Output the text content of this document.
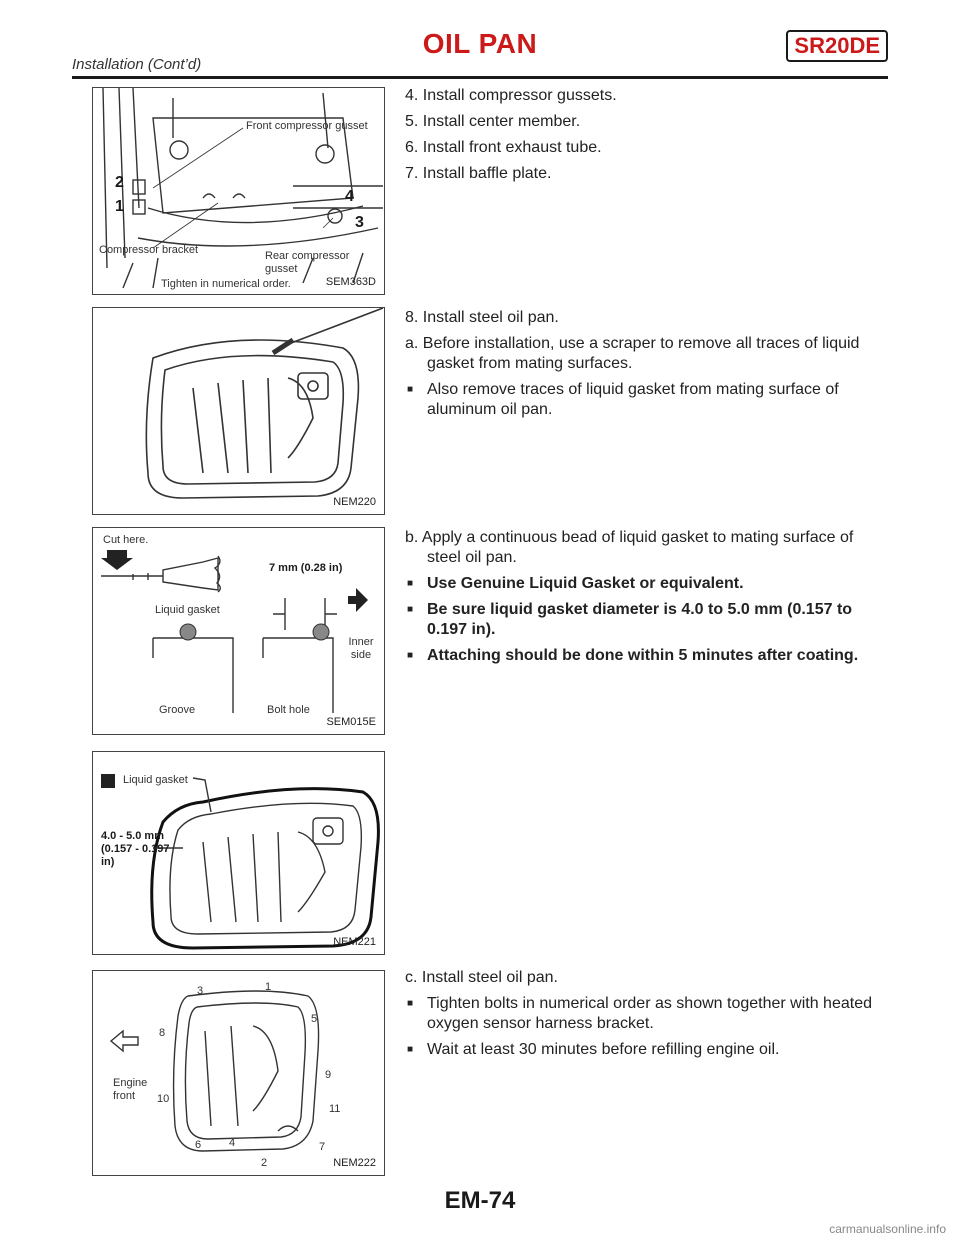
OIL PAN	SR20DE
Installation (Cont’d)
Front compressor gusset
Compressor bracket	Rear compressor gusset
Tighten in numerical order.
1
2
3
4
SEM363D
NEM220
Cut here.
Liquid gasket
7 mm (0.28 in)
Inner side
Groove	Bolt hole
SEM015E
Liquid gasket
4.0 - 5.0 mm (0.157 - 0.197 in)
NEM221
Engine front
1
2
3
4
5
6	7
8
9
10
11
NEM222
4. Install compressor gussets.
5. Install center member.
6. Install front exhaust tube.
7. Install baffle plate.
8. Install steel oil pan.
a. Before installation, use a scraper to remove all traces of liquid gasket from mating surfaces.
■ Also remove traces of liquid gasket from mating surface of aluminum oil pan.
b. Apply a continuous bead of liquid gasket to mating surface of steel oil pan.
■ Use Genuine Liquid Gasket or equivalent.
■ Be sure liquid gasket diameter is 4.0 to 5.0 mm (0.157 to 0.197 in).
■ Attaching should be done within 5 minutes after coating.
c. Install steel oil pan.
■ Tighten bolts in numerical order as shown together with heated oxygen sensor harness bracket.
■ Wait at least 30 minutes before refilling engine oil.
EM-74
carmanualsonline.info
